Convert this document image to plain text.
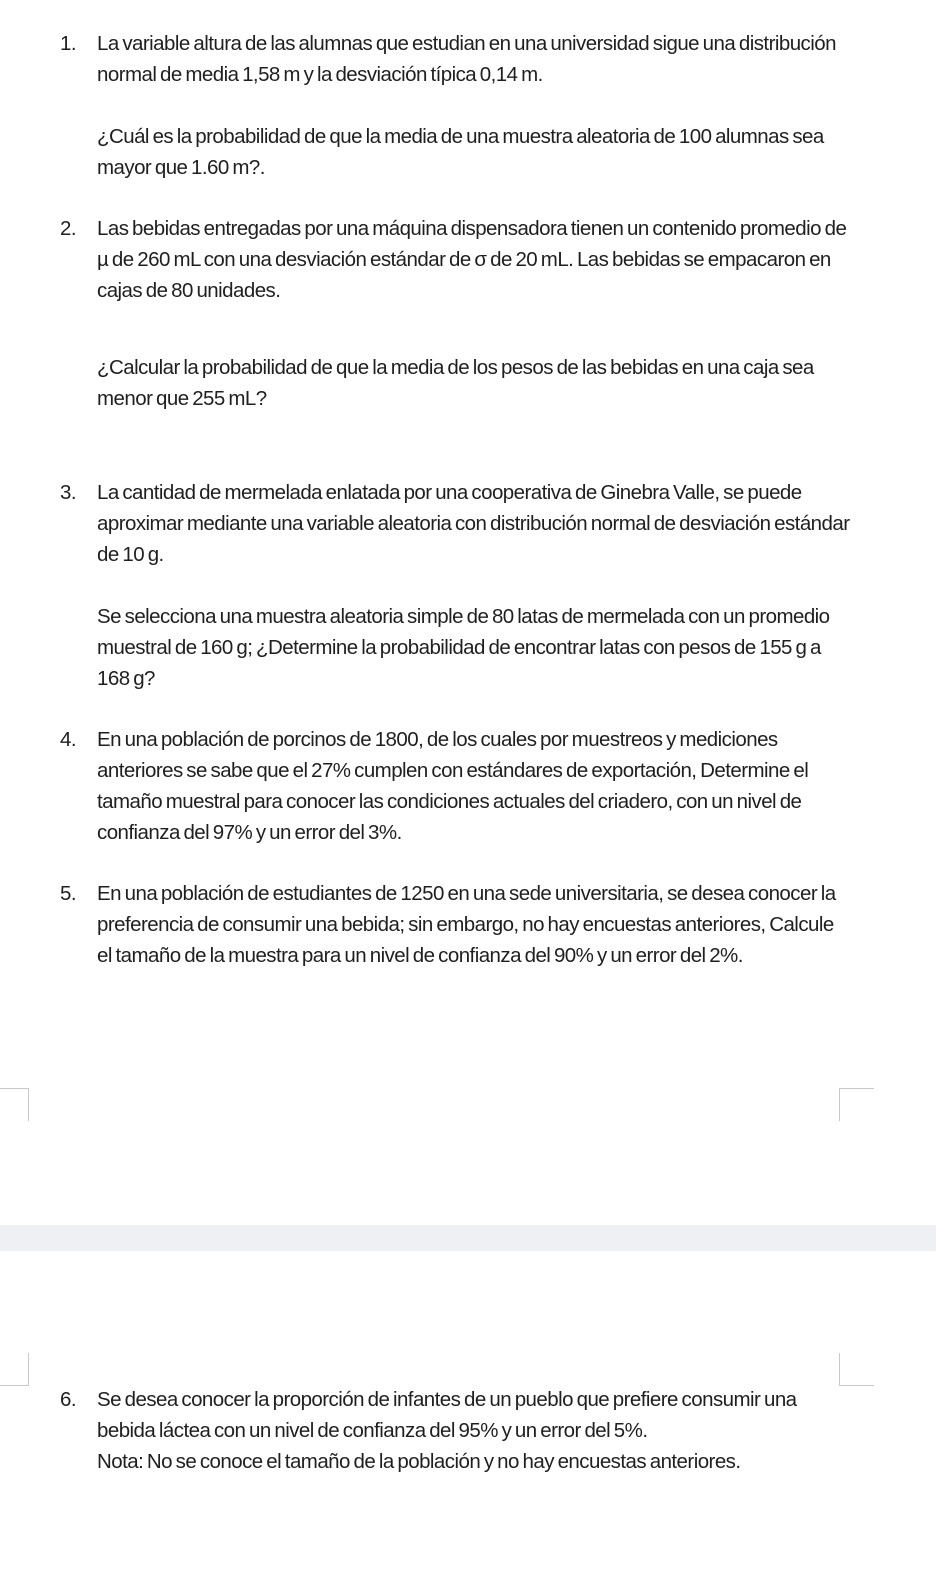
1.	La variable altura de las alumnas que estudian en una universidad sigue una distribución normal de media 1,58 m y la desviación típica 0,14 m.

¿Cuál es la probabilidad de que la media de una muestra aleatoria de 100 alumnas sea mayor que 1.60 m?.

2.	Las bebidas entregadas por una máquina dispensadora tienen un contenido promedio de µ de 260 mL con una desviación estándar de σ de 20 mL. Las bebidas se empacaron en cajas de 80 unidades.

¿Calcular la probabilidad de que la media de los pesos de las bebidas en una caja sea menor que 255 mL?

3.	La cantidad de mermelada enlatada por una cooperativa de Ginebra Valle, se puede aproximar mediante una variable aleatoria con distribución normal de desviación estándar de 10 g.

Se selecciona una muestra aleatoria simple de 80 latas de mermelada con un promedio muestral de 160 g; ¿Determine la probabilidad de encontrar latas con pesos de 155 g a 168 g?

4.	En una población de porcinos de 1800, de los cuales por muestreos y mediciones anteriores se sabe que el 27% cumplen con estándares de exportación, Determine el tamaño muestral para conocer las condiciones actuales del criadero, con un nivel de confianza del 97% y un error del 3%.

5.	En una población de estudiantes de 1250 en una sede universitaria, se desea conocer la preferencia de consumir una bebida; sin embargo, no hay encuestas anteriores, Calcule el tamaño de la muestra para un nivel de confianza del 90% y un error del 2%.

6.	Se desea conocer la proporción de infantes de un pueblo que prefiere consumir una bebida láctea con un nivel de confianza del 95% y un error del 5%.

Nota: No se conoce el tamaño de la población y no hay encuestas anteriores.
